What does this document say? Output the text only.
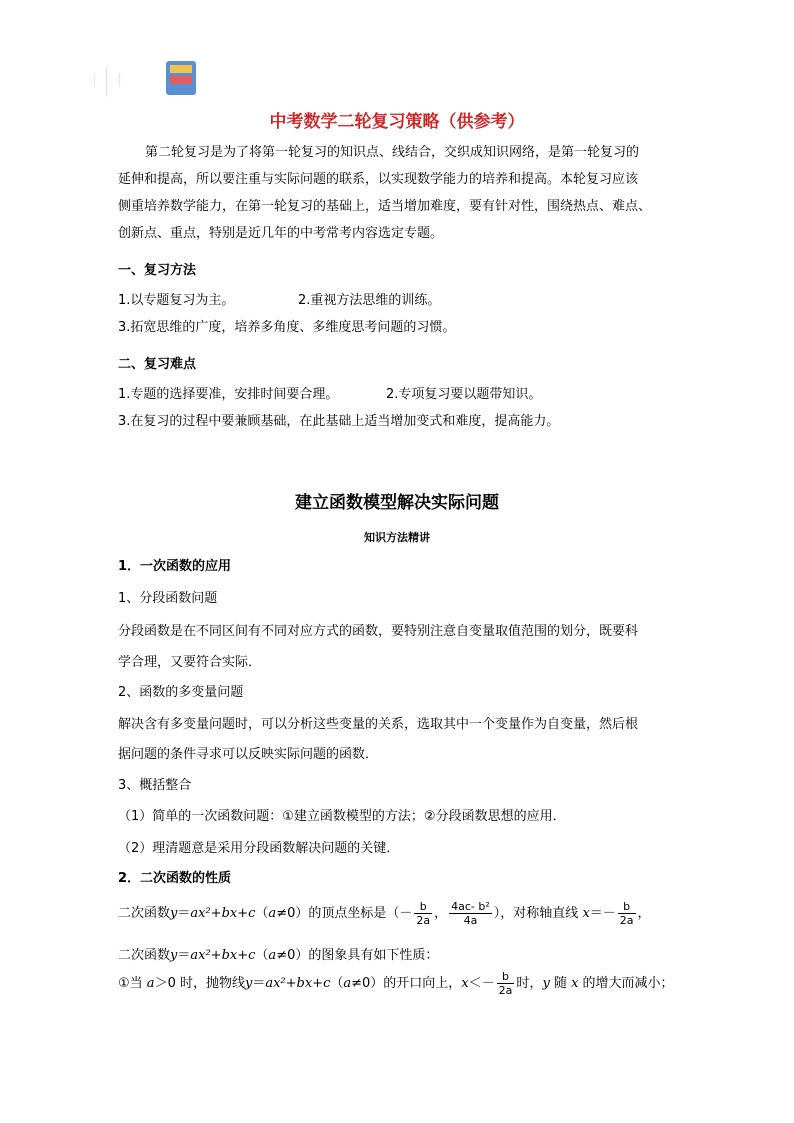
中 考
倒计时	中考数学二轮复习策略（供参考）
第二轮复习是为了将第一轮复习的知识点、线结合，交织成知识网络，是第一轮复习的
延伸和提高，所以要注重与实际问题的联系，以实现数学能力的培养和提高。本轮复习应该
侧重培养数学能力，在第一轮复习的基础上，适当增加难度，要有针对性，围绕热点、难点、
创新点、重点，特别是近几年的中考常考内容选定专题。
一、复习方法
1.以专题复习为主。	2.重视方法思维的训练。
3.拓宽思维的广度，培养多角度、多维度思考问题的习惯。
二、复习难点
1.专题的选择要准，安排时间要合理。	2.专项复习要以题带知识。
3.在复习的过程中要兼顾基础，在此基础上适当增加变式和难度，提高能力。
建立函数模型解决实际问题
知识方法精讲
1．一次函数的应用
1、分段函数问题
分段函数是在不同区间有不同对应方式的函数，要特别注意自变量取值范围的划分，既要科
学合理，又要符合实际．
2、函数的多变量问题
解决含有多变量问题时，可以分析这些变量的关系，选取其中一个变量作为自变量，然后根
据问题的条件寻求可以反映实际问题的函数．
3、概括整合
（1）简单的一次函数问题：①建立函数模型的方法；②分段函数思想的应用．
（2）理清题意是采用分段函数解决问题的关键．
2．二次函数的性质
二次函数y＝ax²+bx+c（a≠0）的顶点坐标是（－ $\frac{b}{2a}$ ， $\frac{\text{4ac- b²}}{4a}$ ），对称轴直线 $x=- \frac{b}{2a}$ ，
二次函数y＝ax²+bx+c（a≠0）的图象具有如下性质：
①当 a＞0 时，抛物线y＝ax²+bx+c（a≠0）的开口向上，$x<- \frac{b}{2a}$ 时，y 随 x 的增大而减小；
